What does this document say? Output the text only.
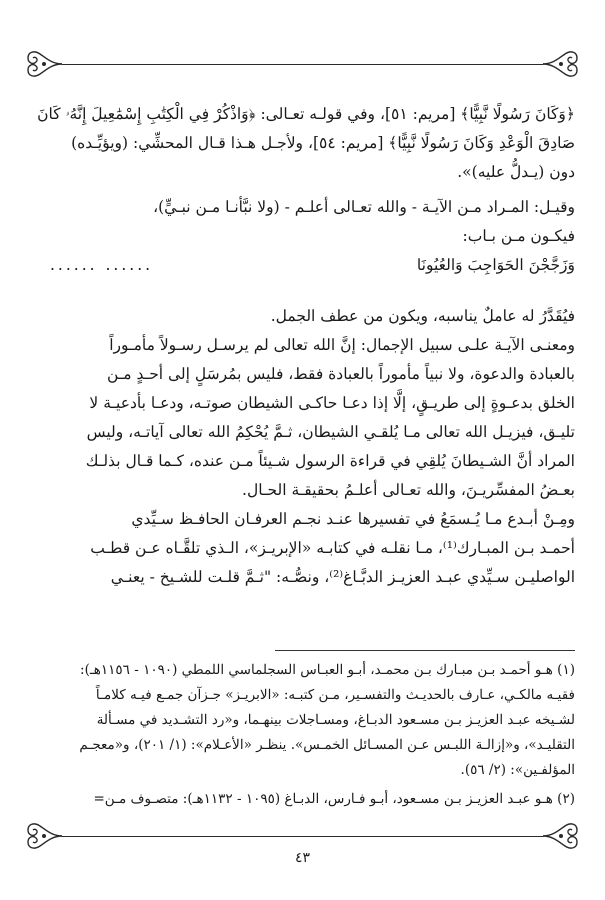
﴿وَكَانَ رَسُولًا نَّبِيًّا﴾ [مريم: ٥١]، وفي قولـه تعـالى: ﴿وَاذْكُرْ فِي الْكِتَٰبِ إِسْمَٰعِيلَ إِنَّهُۥ كَانَ

صَادِقَ الْوَعْدِ وَكَانَ رَسُولًا نَّبِيًّا﴾ [مريم: ٥٤]، ولأجـل هـذا قـال المحشِّي: (ويؤيِّـده)

دون (يـدلُّ عليه)».

وقيـل: المـراد مـن الآيـة - والله تعـالى أعلـم - (ولا نبَّأنـا مـن نبـيٍّ)،

فيكـون مـن بـاب:

وَزَجَّجْنَ الحَوَاجِبَ وَالعُيُونَا
...... ......

فيُقَدَّرُ له عاملٌ يناسبه، ويكون من عطف الجمل.

ومعنـى الآيـة علـى سبيل الإجمال: إنَّ الله تعالى لم يرسـل رسـولاً مأمـوراً

بالعبادة والدعوة، ولا نبياً مأموراً بالعبادة فقط، فليس بمُرسَلٍ إلى أحـدٍ مـن

الخلق بدعـوةٍ إلى طريـقٍ، إلَّا إذا دعـا حاكـى الشيطان صوتـه، ودعـا بأدعيـة لا

تليـق، فيزيـل الله تعالى مـا يُلقـي الشيطان، ثـمَّ يُحْكِمُ الله تعالى آياتـه، وليس

المراد أنَّ الشـيطانَ يُلقِي في قراءة الرسول شـيئاً مـن عنده، كـما قـال بذلـك

بعـضُ المفسِّريـنَ، والله تعـالى أعلـمُ بحقيقـة الحـال.

ومِـنْ أبـدع مـا يُـسمَعُ في تفسيرها عنـد نجـم العرفـان الحافـظ سـيِّدي

أحمـد بـن المبـارك⁽¹⁾، مـا نقلـه في كتابـه «الإبريـز»، الـذي تلقَّـاه عـن قطـب

الواصليـن سـيِّدي عبـد العزيـز الدبَّـاغ⁽²⁾، ونصُّـه: "ثـمَّ قلـت للشـيخ - يعنـي

(١) هـو أحمـد بـن مبـارك بـن محمـد، أبـو العبـاس السجلماسي اللمطي (١٠٩٠ - ١١٥٦هـ):
فقيـه مالكـي، عـارف بالحديـث والتفسـير، مـن كتبـه: «الابريـز» جـزآن جمـع فيـه كلامـاً
لشـيخه عبـد العزيـز بـن مسـعود الدبـاغ، ومسـاجلات بينهـما، و«رد التشـديد في مسـألة
التقليـد»، و«إزالـة اللبـس عـن المسـائل الخمـس». ينظـر «الأعـلام»: (١/ ٢٠١)، و«معجـم
المؤلفـين»: (٢/ ٥٦).
(٢) هـو عبـد العزيـز بـن مسـعود، أبـو فـارس، الدبـاغ (١٠٩٥ - ١١٣٢هـ): متصـوف مـن=
٤٣
